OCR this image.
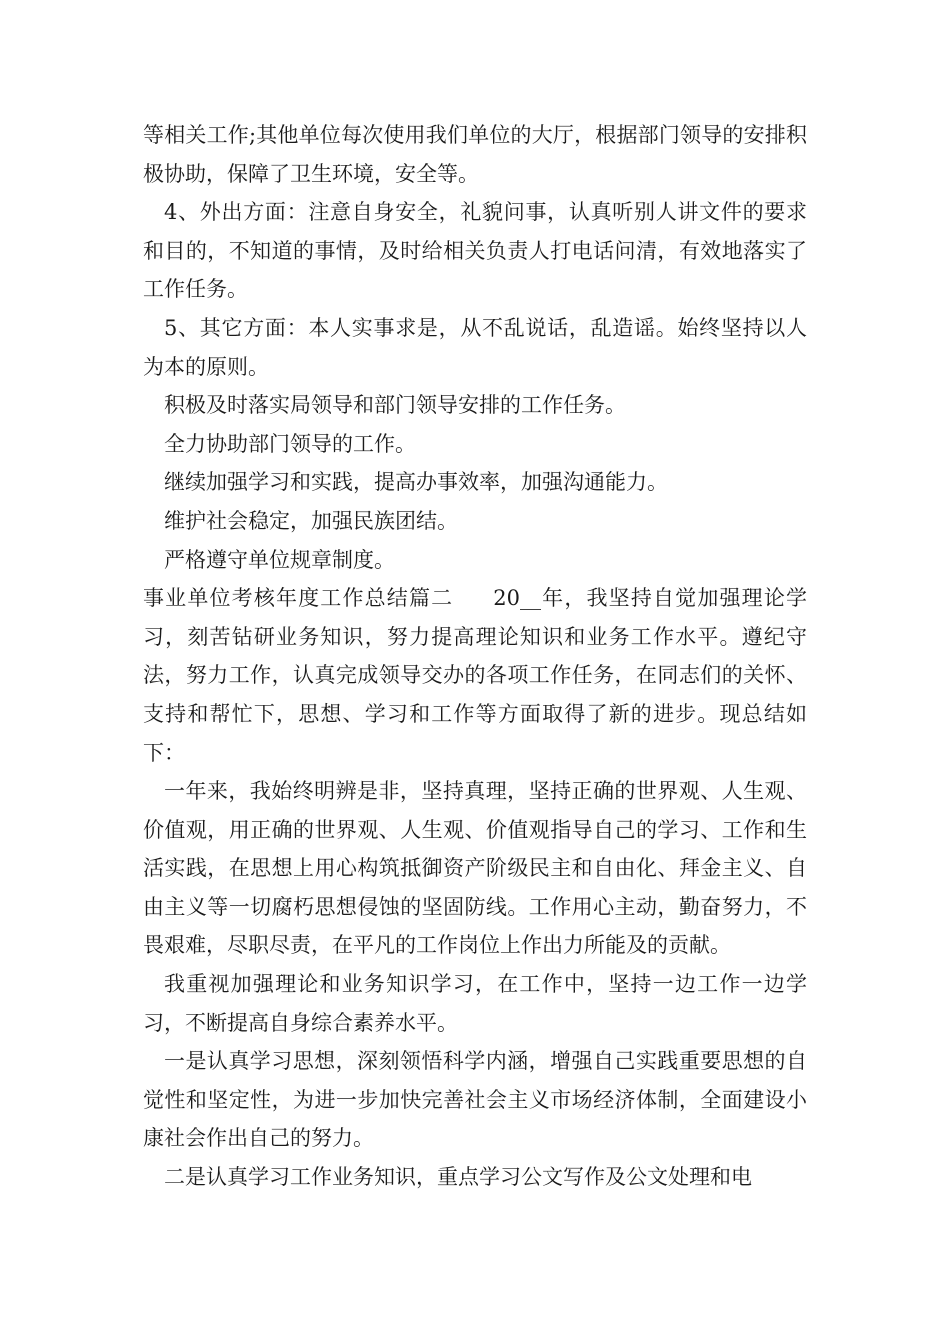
等相关工作;其他单位每次使用我们单位的大厅，根据部门领导的安排积极协助，保障了卫生环境，安全等。

4、外出方面：注意自身安全，礼貌问事，认真听别人讲文件的要求和目的，不知道的事情，及时给相关负责人打电话问清，有效地落实了工作任务。

5、其它方面：本人实事求是，从不乱说话，乱造谣。始终坚持以人为本的原则。

积极及时落实局领导和部门领导安排的工作任务。

全力协助部门领导的工作。

继续加强学习和实践，提高办事效率，加强沟通能力。

维护社会稳定，加强民族团结。

严格遵守单位规章制度。

事业单位考核年度工作总结篇二 20__年，我坚持自觉加强理论学习，刻苦钻研业务知识，努力提高理论知识和业务工作水平。遵纪守法，努力工作，认真完成领导交办的各项工作任务，在同志们的关怀、支持和帮忙下，思想、学习和工作等方面取得了新的进步。现总结如下：

一年来，我始终明辨是非，坚持真理，坚持正确的世界观、人生观、价值观，用正确的世界观、人生观、价值观指导自己的学习、工作和生活实践，在思想上用心构筑抵御资产阶级民主和自由化、拜金主义、自由主义等一切腐朽思想侵蚀的坚固防线。工作用心主动，勤奋努力，不畏艰难，尽职尽责，在平凡的工作岗位上作出力所能及的贡献。

我重视加强理论和业务知识学习，在工作中，坚持一边工作一边学习，不断提高自身综合素养水平。

一是认真学习思想，深刻领悟科学内涵，增强自己实践重要思想的自觉性和坚定性，为进一步加快完善社会主义市场经济体制，全面建设小康社会作出自己的努力。

二是认真学习工作业务知识，重点学习公文写作及公文处理和电
